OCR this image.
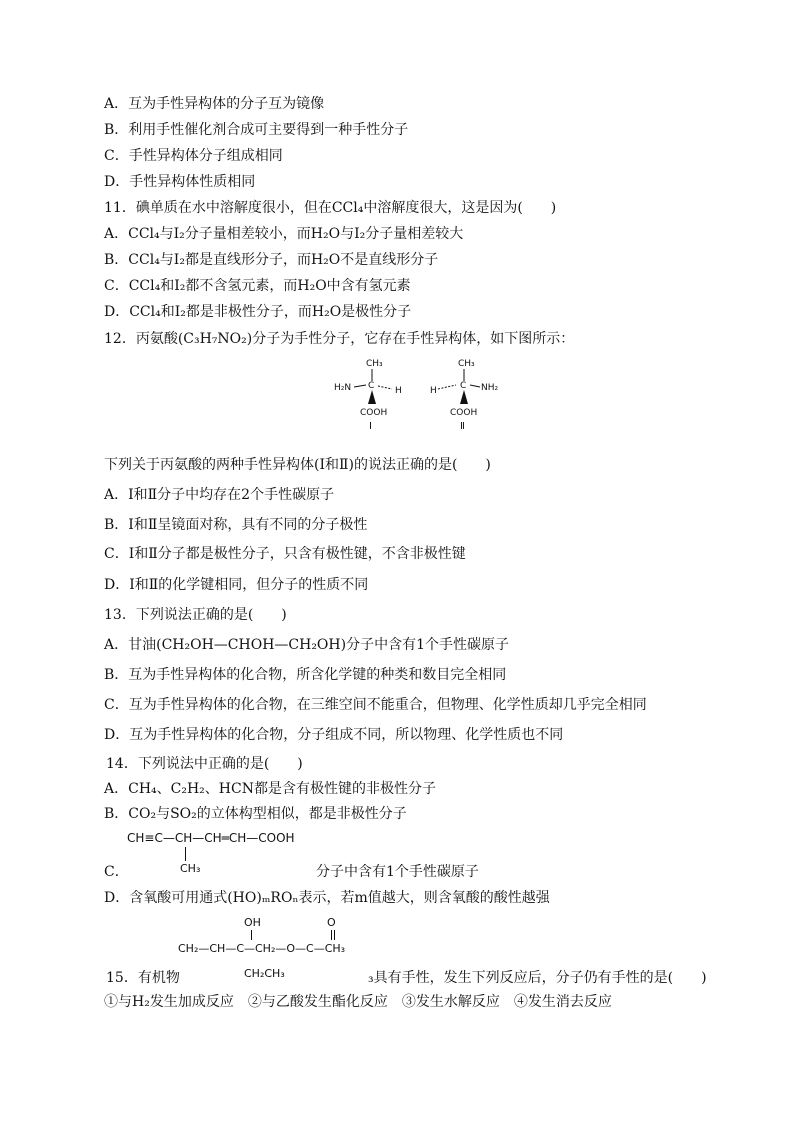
A．互为手性异构体的分子互为镜像
B．利用手性催化剂合成可主要得到一种手性分子
C．手性异构体分子组成相同
D．手性异构体性质相同
11．碘单质在水中溶解度很小，但在CCl₄中溶解度很大，这是因为(　　)
A．CCl₄与I₂分子量相差较小，而H₂O与I₂分子量相差较大
B．CCl₄与I₂都是直线形分子，而H₂O不是直线形分子
C．CCl₄和I₂都不含氢元素，而H₂O中含有氢元素
D．CCl₄和I₂都是非极性分子，而H₂O是极性分子
12．丙氨酸(C₃H₇NO₂)分子为手性分子，它存在手性异构体，如下图所示：
CH₃
H₂N C H
COOH
Ⅰ
CH₃
H	C NH₂
COOH
Ⅱ
下列关于丙氨酸的两种手性异构体(Ⅰ和Ⅱ)的说法正确的是(　　)
A．Ⅰ和Ⅱ分子中均存在2个手性碳原子
B．Ⅰ和Ⅱ呈镜面对称，具有不同的分子极性
C．Ⅰ和Ⅱ分子都是极性分子，只含有极性键，不含非极性键
D．Ⅰ和Ⅱ的化学键相同，但分子的性质不同
13．下列说法正确的是(　　)
A．甘油(CH₂OH—CHOH—CH₂OH)分子中含有1个手性碳原子
B．互为手性异构体的化合物，所含化学键的种类和数目完全相同
C．互为手性异构体的化合物，在三维空间不能重合，但物理、化学性质却几乎完全相同
D．互为手性异构体的化合物，分子组成不同，所以物理、化学性质也不同
14．下列说法中正确的是(　　)
A．CH₄、C₂H₂、HCN都是含有极性键的非极性分子
B．CO₂与SO₂的立体构型相似，都是非极性分子
CH≡C—CH—CH═CH—COOH
CH₃
C．	分子中含有1个手性碳原子
D．含氧酸可用通式(HO)ₘROₙ表示，若m值越大，则含氧酸的酸性越强
OH	O
CH₂—CH—C—CH₂—O—C—CH₃
CH₂CH₃
15．有机物	₃具有手性，发生下列反应后，分子仍有手性的是(　　)
①与H₂发生加成反应　②与乙酸发生酯化反应　③发生水解反应　④发生消去反应
